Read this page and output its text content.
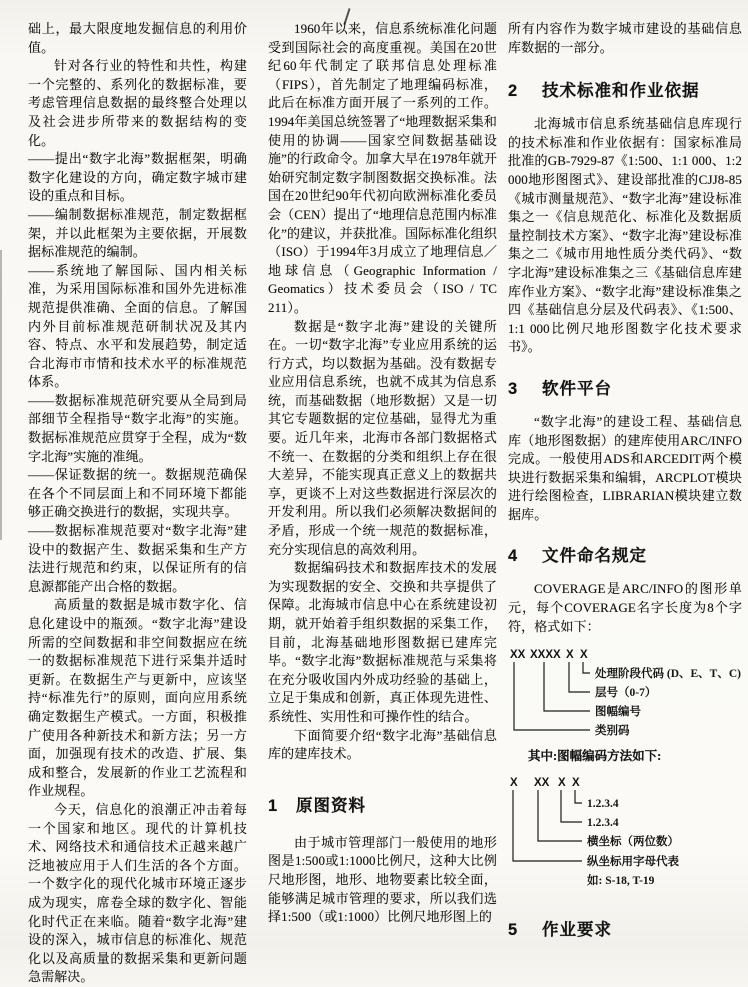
础上，最大限度地发掘信息的利用价值。

针对各行业的特性和共性，构建一个完整的、系列化的数据标准，要考虑管理信息数据的最终整合处理以及社会进步所带来的数据结构的变化。

——提出“数字北海”数据框架，明确数字化建设的方向，确定数字城市建设的重点和目标。

——编制数据标准规范，制定数据框架，并以此框架为主要依据，开展数据标准规范的编制。

——系统地了解国际、国内相关标准，为采用国际标准和国外先进标准规范提供准确、全面的信息。了解国内外目前标准规范研制状况及其内容、特点、水平和发展趋势，制定适合北海市市情和技术水平的标准规范体系。

——数据标准规范研究要从全局到局部细节全程指导“数字北海”的实施。数据标准规范应贯穿于全程，成为“数字北海”实施的准绳。

——保证数据的统一。数据规范确保在各个不同层面上和不同环境下都能够正确交换进行的数据，实现共享。

——数据标准规范要对“数字北海”建设中的数据产生、数据采集和生产方法进行规范和约束，以保证所有的信息源都能产出合格的数据。

高质量的数据是城市数字化、信息化建设中的瓶颈。“数字北海”建设所需的空间数据和非空间数据应在统一的数据标准规范下进行采集并适时更新。在数据生产与更新中，应该坚持“标准先行”的原则，面向应用系统确定数据生产模式。一方面，积极推广使用各种新技术和新方法；另一方面，加强现有技术的改造、扩展、集成和整合，发展新的作业工艺流程和作业规程。

今天，信息化的浪潮正冲击着每一个国家和地区。现代的计算机技术、网络技术和通信技术正越来越广泛地被应用于人们生活的各个方面。一个数字化的现代化城市环境正逐步成为现实，席卷全球的数字化、智能化时代正在来临。随着“数字北海”建设的深入，城市信息的标准化、规范化以及高质量的数据采集和更新问题急需解决。

1960年以来，信息系统标准化问题受到国际社会的高度重视。美国在20世纪60年代制定了联邦信息处理标准（FIPS），首先制定了地理编码标准，此后在标准方面开展了一系列的工作。1994年美国总统签署了“地理数据采集和使用的协调——国家空间数据基础设施”的行政命令。加拿大早在1978年就开始研究制定数字制图数据交换标准。法国在20世纪90年代初向欧洲标准化委员会（CEN）提出了“地理信息范围内标准化”的建议，并获批准。国际标准化组织（ISO）于1994年3月成立了地理信息／地球信息（Geographic Information / Geomatics）技术委员会（ISO / TC 211）。

数据是“数字北海”建设的关键所在。一切“数字北海”专业应用系统的运行方式，均以数据为基础。没有数据专业应用信息系统，也就不成其为信息系统，而基础数据（地形数据）又是一切其它专题数据的定位基础，显得尤为重要。近几年来，北海市各部门数据格式不统一、在数据的分类和组织上存在很大差异，不能实现真正意义上的数据共享，更谈不上对这些数据进行深层次的开发利用。所以我们必须解决数据间的矛盾，形成一个统一规范的数据标准，充分实现信息的高效利用。

数据编码技术和数据库技术的发展为实现数据的安全、交换和共享提供了保障。北海城市信息中心在系统建设初期，就开始着手组织数据的采集工作，目前，北海基础地形图数据已建库完毕。“数字北海”数据标准规范与采集将在充分吸收国内外成功经验的基础上，立足于集成和创新，真正体现先进性、系统性、实用性和可操作性的结合。

下面简要介绍“数字北海”基础信息库的建库技术。

1	原图资料

由于城市管理部门一般使用的地形图是1:500或1:1000比例尺，这种大比例尺地形图，地形、地物要素比较全面，能够满足城市管理的要求，所以我们选择1:500（或1:1000）比例尺地形图上的

所有内容作为数字城市建设的基础信息库数据的一部分。

2	技术标准和作业依据

北海城市信息系统基础信息库现行的技术标准和作业依据有：国家标准局批准的GB-7929-87《1:500、1:1 000、1:2 000地形图图式》、建设部批准的CJJ8-85《城市测量规范》、“数字北海”建设标准集之一《信息规范化、标准化及数据质量控制技术方案》、“数字北海”建设标准集之二《城市用地性质分类代码》、“数字北海”建设标准集之三《基础信息库建库作业方案》、“数字北海”建设标准集之四《基础信息分层及代码表》、《1:500、1:1 000比例尺地形图数字化技术要求书》。

3	软件平台

“数字北海”的建设工程、基础信息库（地形图数据）的建库使用ARC/INFO完成。一般使用ADS和ARCEDIT两个模块进行数据采集和编辑，ARCPLOT模块进行绘图检查，LIBRARIAN模块建立数据库。

4	文件命名规定

COVERAGE是ARC/INFO的图形单元，每个COVERAGE名字长度为8个字符，格式如下：

XX XXXX X X
处理阶段代码 (D、E、T、C)
层号（0-7）
图幅编号
类别码
其中:图幅编码方法如下:
X XX X X
1.2.3.4
1.2.3.4
横坐标（两位数）
纵坐标用字母代表
如: S-18, T-19
5	作业要求
